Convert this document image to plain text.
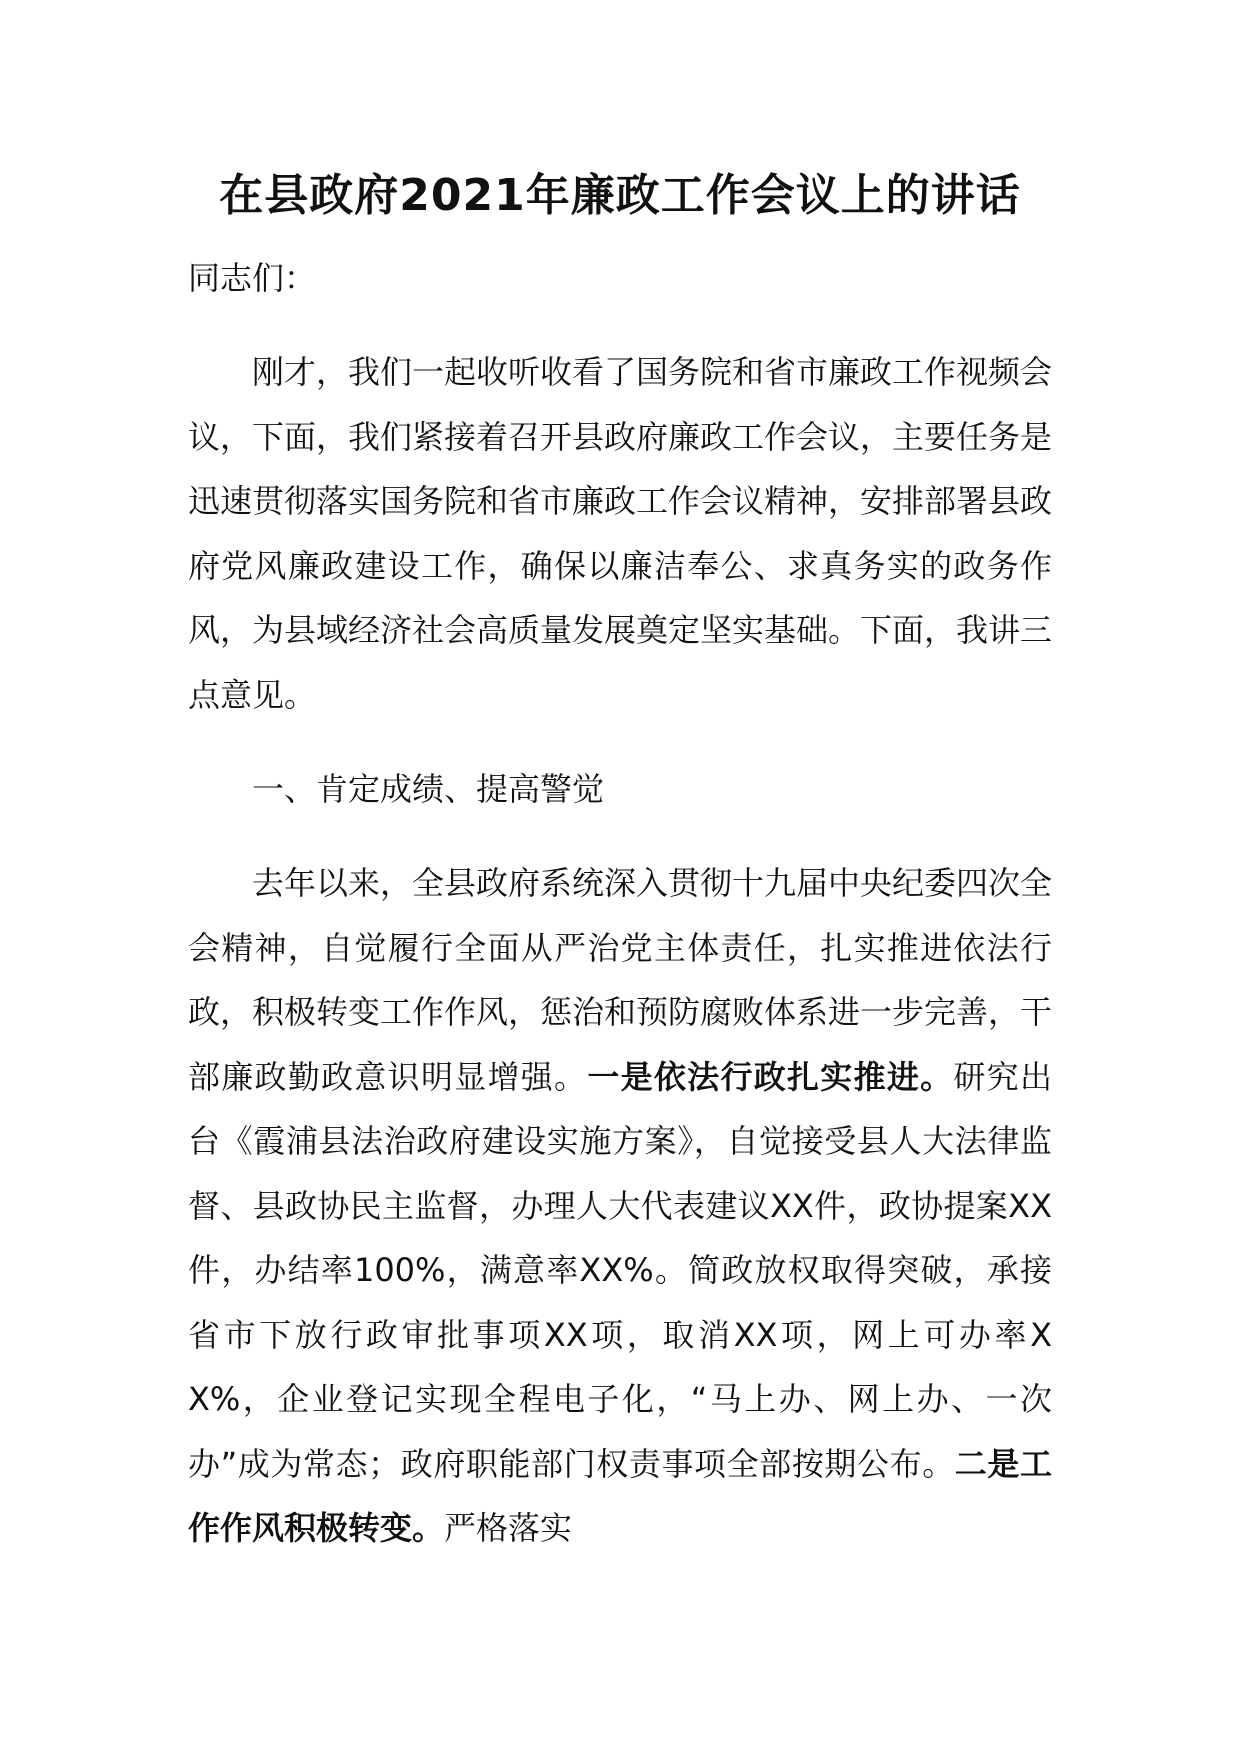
在县政府2021年廉政工作会议上的讲话

同志们：

刚才，我们一起收听收看了国务院和省市廉政工作视频会议，下面，我们紧接着召开县政府廉政工作会议，主要任务是迅速贯彻落实国务院和省市廉政工作会议精神，安排部署县政府党风廉政建设工作，确保以廉洁奉公、求真务实的政务作风，为县域经济社会高质量发展奠定坚实基础。下面，我讲三点意见。

一、肯定成绩、提高警觉

去年以来，全县政府系统深入贯彻十九届中央纪委四次全会精神，自觉履行全面从严治党主体责任，扎实推进依法行政，积极转变工作作风，惩治和预防腐败体系进一步完善，干部廉政勤政意识明显增强。一是依法行政扎实推进。研究出台《霞浦县法治政府建设实施方案》，自觉接受县人大法律监督、县政协民主监督，办理人大代表建议XX件，政协提案XX件，办结率100%，满意率XX%。简政放权取得突破，承接省市下放行政审批事项XX项，取消XX项，网上可办率XX%，企业登记实现全程电子化，“马上办、网上办、一次办”成为常态；政府职能部门权责事项全部按期公布。二是工作作风积极转变。严格落实
